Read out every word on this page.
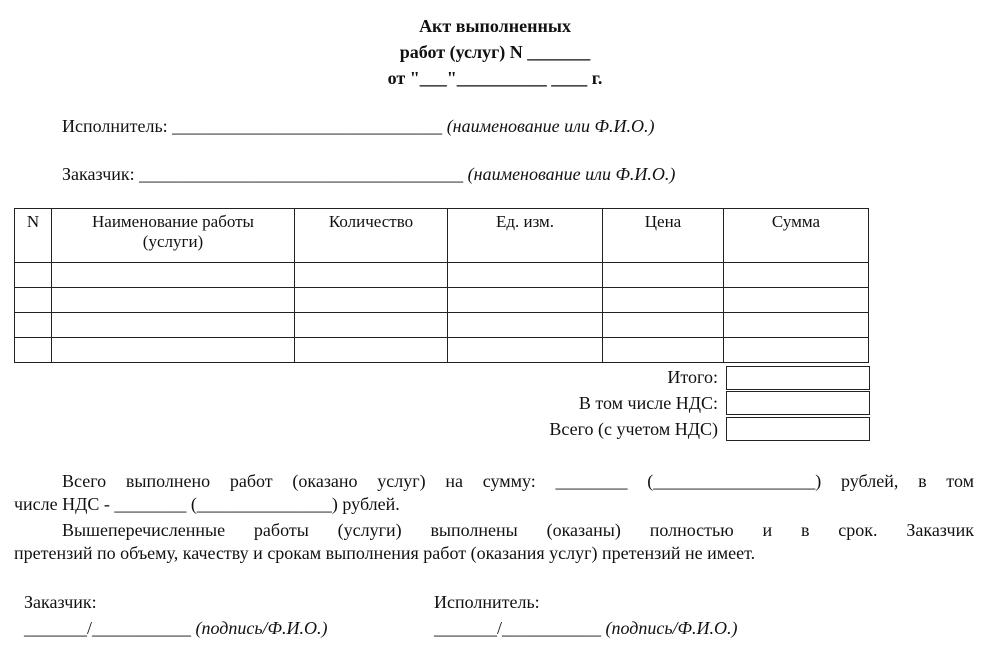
Акт выполненных
работ (услуг) N _______
от "___"__________ ____ г.
Исполнитель: ______________________________ (наименование или Ф.И.О.)
Заказчик: ____________________________________ (наименование или Ф.И.О.)
N	Наименование работы (услуги)	Количество	Ед. изм.	Цена	Сумма

Итого:
В том числе НДС:
Всего (с учетом НДС)
Всего выполнено работ (оказано услуг) на сумму: ________ (__________________) рублей, в том
числе НДС - ________ (_______________) рублей.
Вышеперечисленные работы (услуги) выполнены (оказаны) полностью и в срок. Заказчик
претензий по объему, качеству и срокам выполнения работ (оказания услуг) претензий не имеет.
Заказчик:
_______/___________ (подпись/Ф.И.О.)
Исполнитель:
_______/___________ (подпись/Ф.И.О.)
